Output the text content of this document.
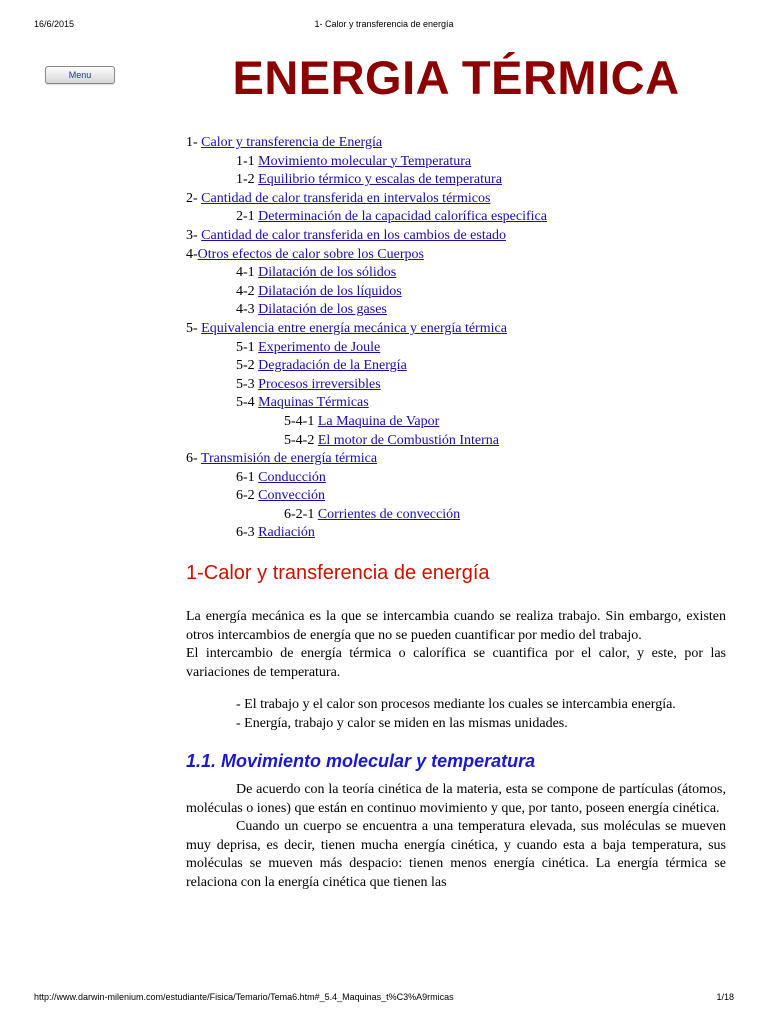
16/6/2015	1- Calor y transferencia de energía
Menu	ENERGIA TÉRMICA
1- Calor y transferencia de Energía
1-1 Movimiento molecular y Temperatura
1-2 Equilibrio térmico y escalas de temperatura
2- Cantidad de calor transferida en intervalos térmicos
2-1 Determinación de la capacidad calorífica especifica
3- Cantidad de calor transferida en los cambios de estado
4-Otros efectos de calor sobre los Cuerpos
4-1 Dilatación de los sólidos
4-2 Dilatación de los líquidos
4-3 Dilatación de los gases
5- Equivalencia entre energía mecánica y energía térmica
5-1 Experimento de Joule
5-2 Degradación de la Energía
5-3 Procesos irreversibles
5-4 Maquinas Térmicas
5-4-1 La Maquina de Vapor
5-4-2 El motor de Combustión Interna
6- Transmisión de energía térmica
6-1 Conducción
6-2 Convección
6-2-1 Corrientes de convección
6-3 Radiación
1-Calor y transferencia de energía

La energía mecánica es la que se intercambia cuando se realiza trabajo. Sin embargo, existen otros intercambios de energía que no se pueden cuantificar por medio del trabajo.

El intercambio de energía térmica o calorífica se cuantifica por el calor, y este, por las variaciones de temperatura.

- El trabajo y el calor son procesos mediante los cuales se intercambia energía.

- Energía, trabajo y calor se miden en las mismas unidades.

1.1. Movimiento molecular y temperatura

De acuerdo con la teoría cinética de la materia, esta se compone de partículas (átomos, moléculas o iones) que están en continuo movimiento y que, por tanto, poseen energía cinética.

Cuando un cuerpo se encuentra a una temperatura elevada, sus moléculas se mueven muy deprisa, es decir, tienen mucha energía cinética, y cuando esta a baja temperatura, sus moléculas se mueven más despacio: tienen menos energía cinética. La energía térmica se relaciona con la energía cinética que tienen las

http://www.darwin-milenium.com/estudiante/Fisica/Temario/Tema6.htm#_5.4_Maquinas_t%C3%A9rmicas	1/18
